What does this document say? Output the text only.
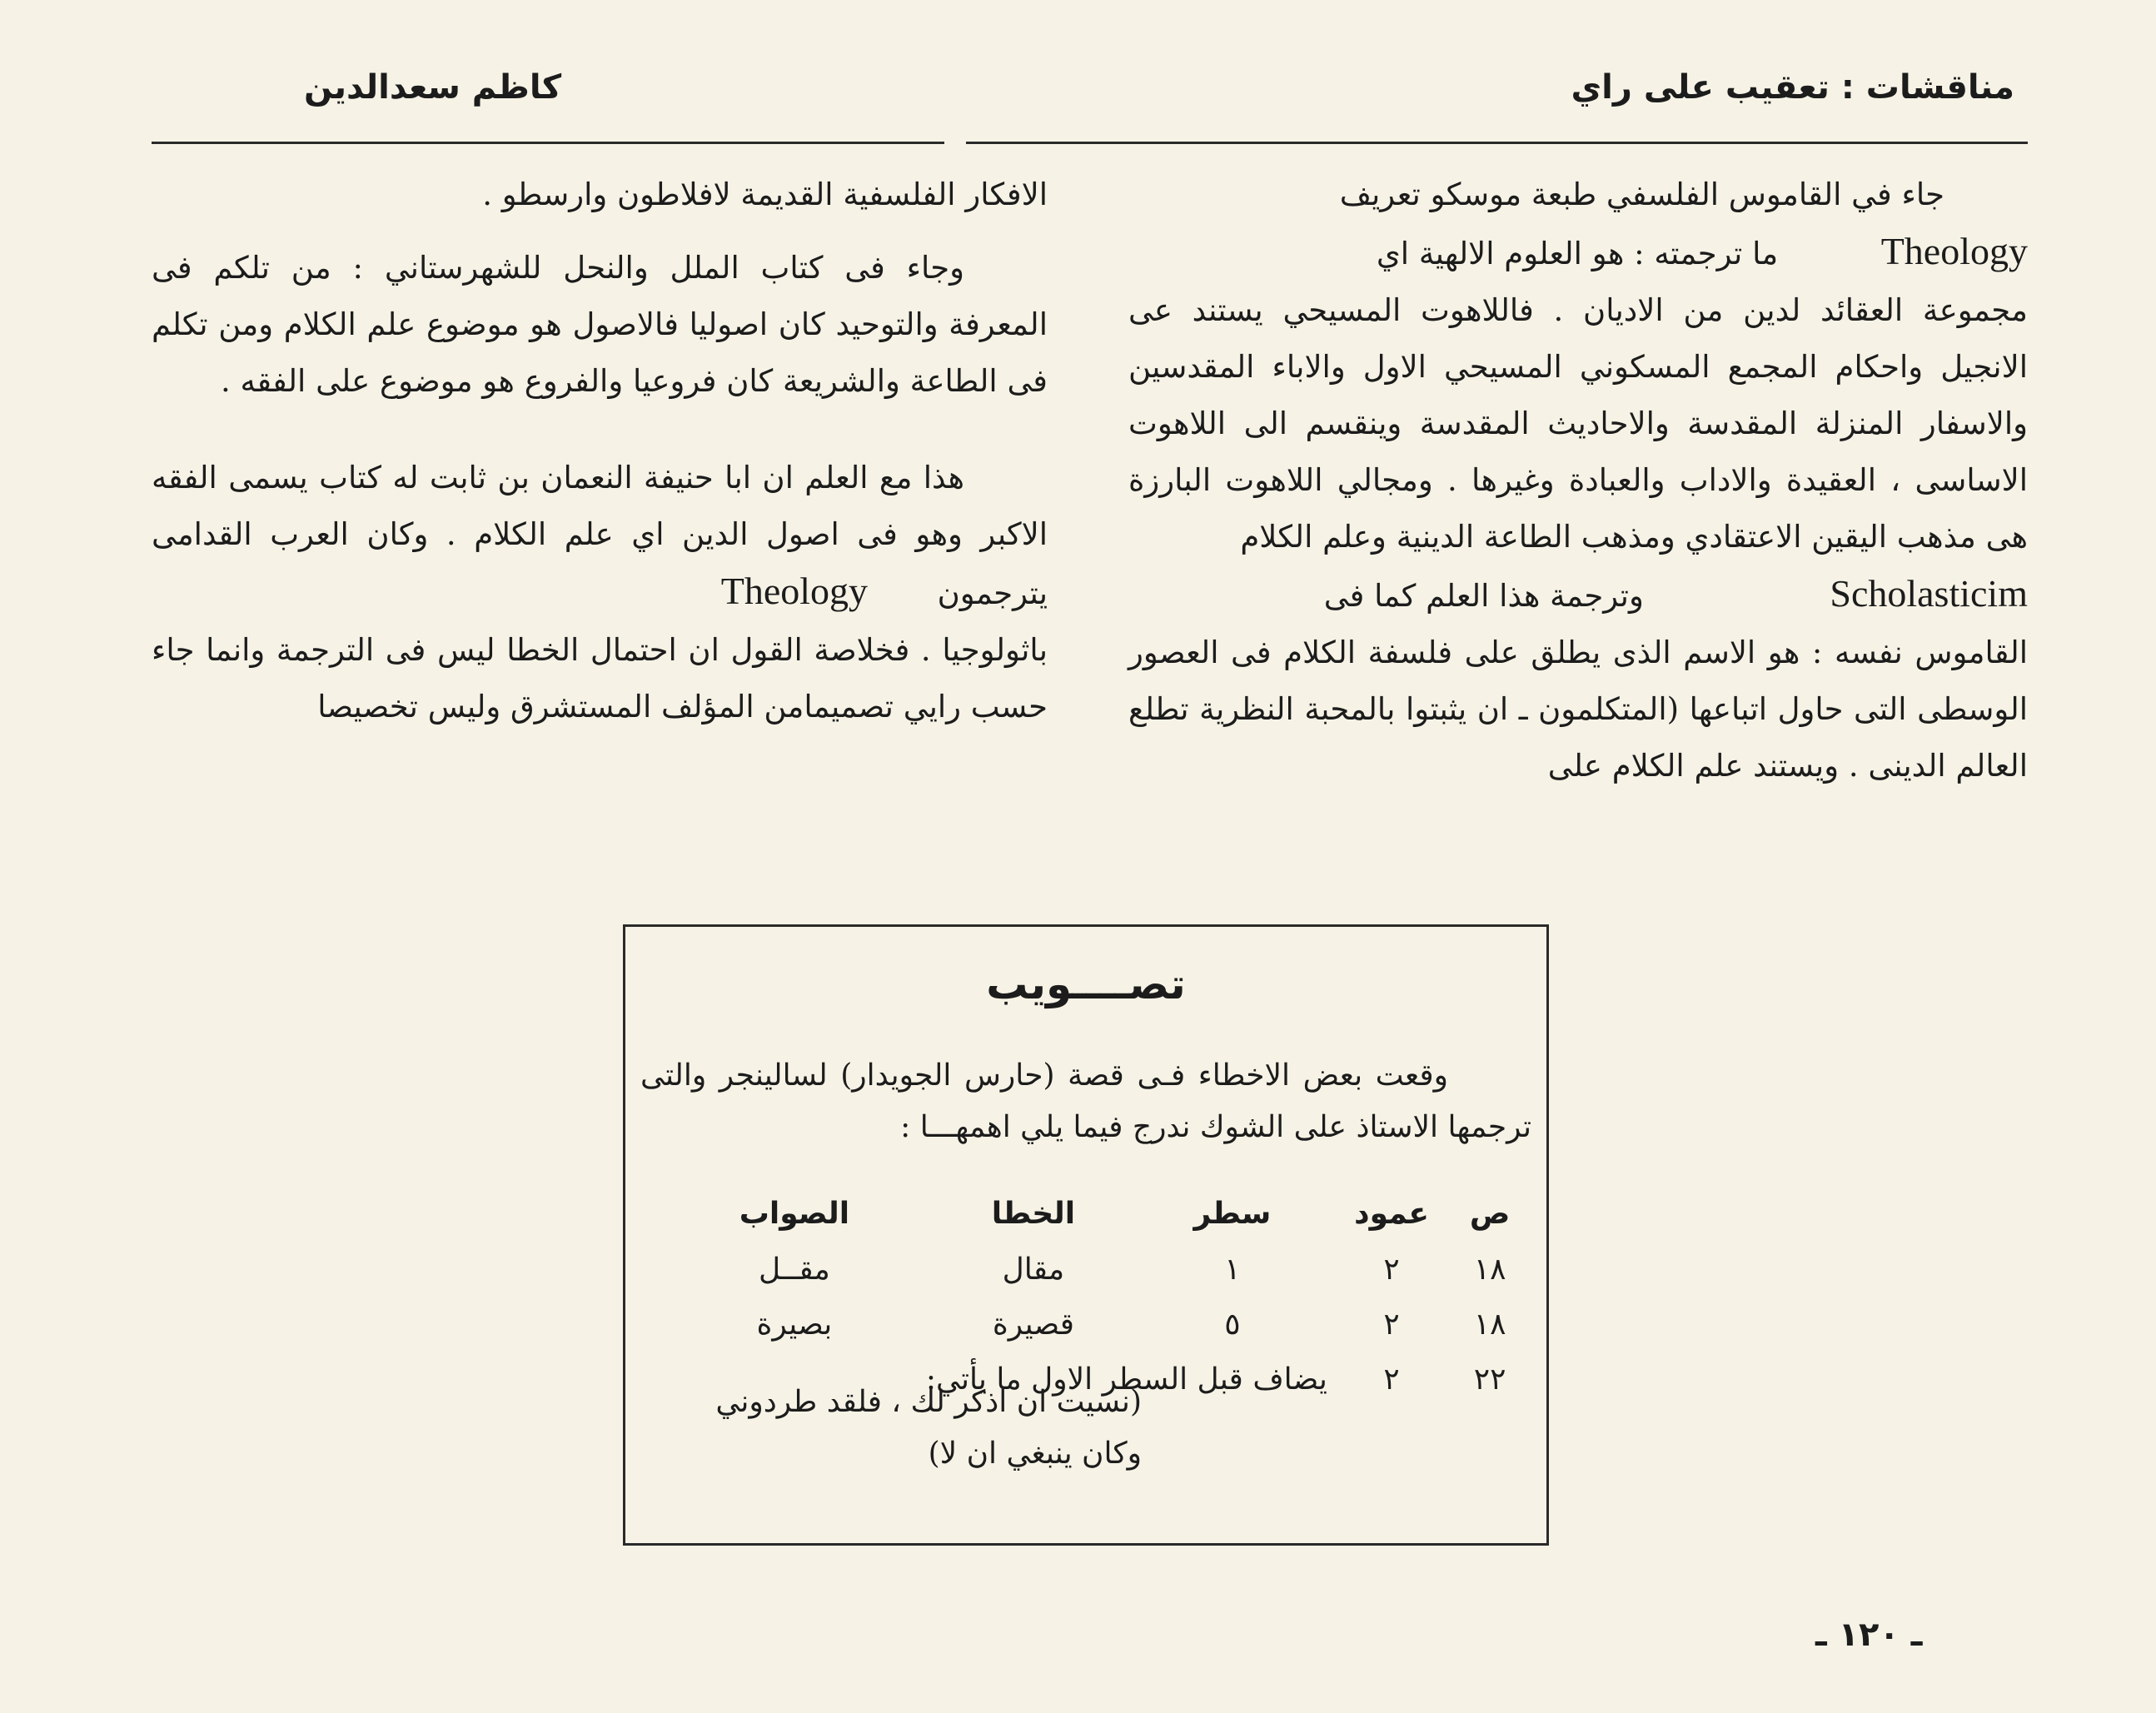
مناقشات : تعقيب على راي
كاظم سعدالدين

جاء في القاموس الفلسفي طبعة موسكو تعريف

Theology  ما ترجمته : هو العلوم الالهية اي

مجموعة العقائد لدين من الاديان . فاللاهوت المسيحي يستند عى الانجيل واحكام المجمع المسكوني المسيحي الاول والاباء المقدسين والاسفار المنزلة المقدسة والاحاديث المقدسة وينقسم الى اللاهوت الاساسى ، العقيدة والاداب والعبادة وغيرها . ومجالي اللاهوت البارزة هى مذهب اليقين الاعتقادي ومذهب الطاعة الدينية وعلم الكلام

Scholasticim  وترجمة هذا العلم كما فى

القاموس نفسه : هو الاسم الذى يطلق على فلسفة الكلام فى العصور الوسطى التى حاول اتباعها (المتكلمون ـ ان يثبتوا بالمحبة النظرية تطلع العالم الدينى . ويستند علم الكلام على

الافكار الفلسفية القديمة لافلاطون وارسطو .

وجاء فى كتاب الملل والنحل للشهرستاني : من تلكم فى المعرفة والتوحيد كان اصوليا فالاصول هو موضوع علم الكلام ومن تكلم فى الطاعة والشريعة كان فروعيا والفروع هو موضوع على الفقه .

هذا مع العلم ان ابا حنيفة النعمان بن ثابت له كتاب يسمى الفقه الاكبر وهو فى اصول الدين اي علم الكلام . وكان العرب القدامى يترجمون  Theology

باثولوجيا . فخلاصة القول ان احتمال الخطا ليس فى الترجمة وانما جاء حسب رايي تصميمامن المؤلف المستشرق وليس تخصيصا

تصــــويب

وقعت بعض الاخطاء فـى قصة (حارس الجويدار) لسالينجر والتى ترجمها الاستاذ على الشوك ندرج فيما يلي اهمهـــا :

ص	عمود	سطر	الخطا	الصواب
١٨	٢	١	مقال	مقــل
١٨	٢	٥	قصيرة	بصيرة
٢٢	٢	يضاف قبل السطر الاول ما يأتي:		
(نسيت ان اذكر لك ، فلقد طردوني وكان ينبغي ان لا)
ـ ١٢٠ ـ
